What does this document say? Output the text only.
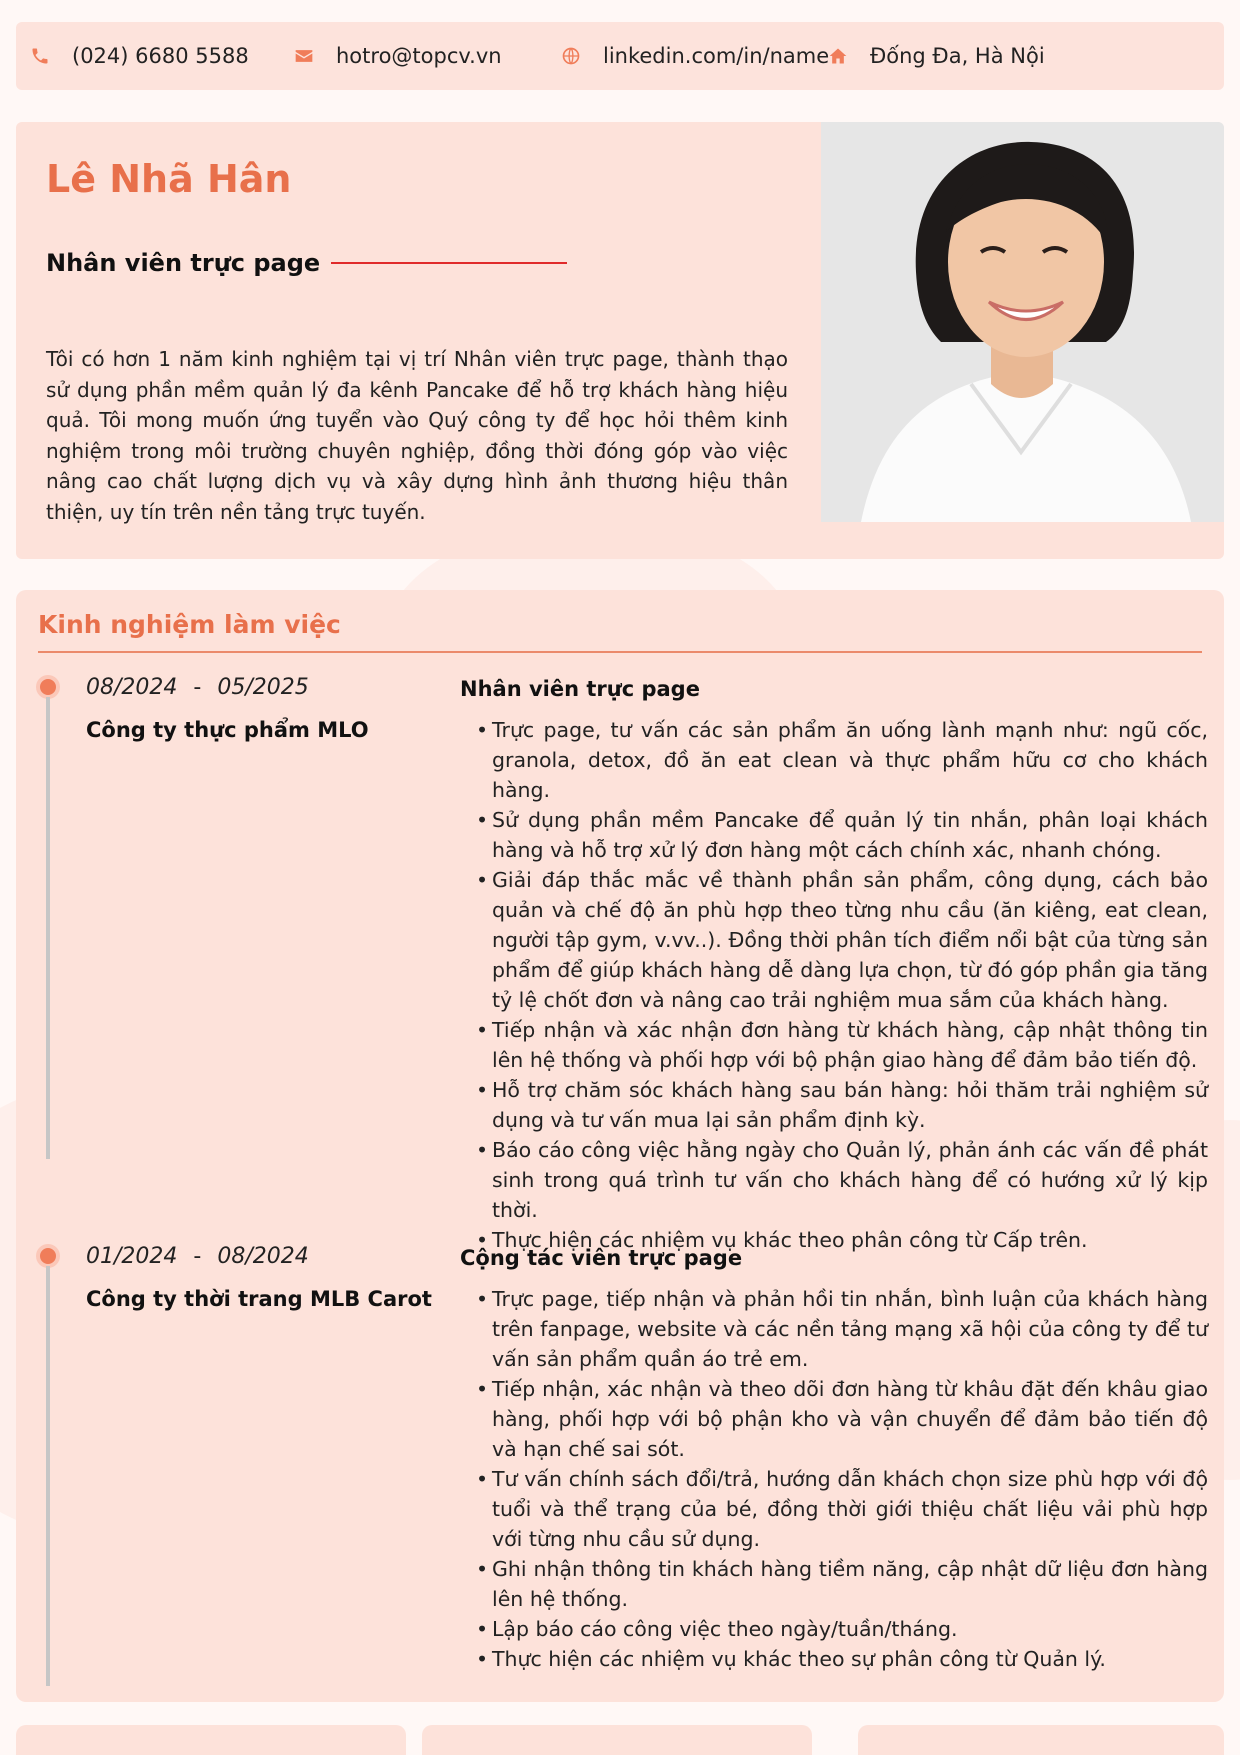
(024) 6680 5588	hotro@topcv.vn	linkedin.com/in/name Đống Đa, Hà Nội
Lê Nhã Hân
Nhân viên trực page

Tôi có hơn 1 năm kinh nghiệm tại vị trí Nhân viên trực page, thành thạo sử dụng phần mềm quản lý đa kênh Pancake để hỗ trợ khách hàng hiệu quả. Tôi mong muốn ứng tuyển vào Quý công ty để học hỏi thêm kinh nghiệm trong môi trường chuyên nghiệp, đồng thời đóng góp vào việc nâng cao chất lượng dịch vụ và xây dựng hình ảnh thương hiệu thân thiện, uy tín trên nền tảng trực tuyến.

Kinh nghiệm làm việc
08/2024 - 05/2025
Công ty thực phẩm MLO
Nhân viên trực page
• Trực page, tư vấn các sản phẩm ăn uống lành mạnh như: ngũ cốc, granola, detox, đồ ăn eat clean và thực phẩm hữu cơ cho khách hàng.
• Sử dụng phần mềm Pancake để quản lý tin nhắn, phân loại khách hàng và hỗ trợ xử lý đơn hàng một cách chính xác, nhanh chóng.
• Giải đáp thắc mắc về thành phần sản phẩm, công dụng, cách bảo quản và chế độ ăn phù hợp theo từng nhu cầu (ăn kiêng, eat clean, người tập gym, v.vv..). Đồng thời phân tích điểm nổi bật của từng sản phẩm để giúp khách hàng dễ dàng lựa chọn, từ đó góp phần gia tăng tỷ lệ chốt đơn và nâng cao trải nghiệm mua sắm của khách hàng.
• Tiếp nhận và xác nhận đơn hàng từ khách hàng, cập nhật thông tin lên hệ thống và phối hợp với bộ phận giao hàng để đảm bảo tiến độ.
• Hỗ trợ chăm sóc khách hàng sau bán hàng: hỏi thăm trải nghiệm sử dụng và tư vấn mua lại sản phẩm định kỳ.
• Báo cáo công việc hằng ngày cho Quản lý, phản ánh các vấn đề phát sinh trong quá trình tư vấn cho khách hàng để có hướng xử lý kịp thời.
• Thực hiện các nhiệm vụ khác theo phân công từ Cấp trên.
01/2024 - 08/2024
Công ty thời trang MLB Carot
Cộng tác viên trực page
• Trực page, tiếp nhận và phản hồi tin nhắn, bình luận của khách hàng trên fanpage, website và các nền tảng mạng xã hội của công ty để tư vấn sản phẩm quần áo trẻ em.
• Tiếp nhận, xác nhận và theo dõi đơn hàng từ khâu đặt đến khâu giao hàng, phối hợp với bộ phận kho và vận chuyển để đảm bảo tiến độ và hạn chế sai sót.
• Tư vấn chính sách đổi/trả, hướng dẫn khách chọn size phù hợp với độ tuổi và thể trạng của bé, đồng thời giới thiệu chất liệu vải phù hợp với từng nhu cầu sử dụng.
• Ghi nhận thông tin khách hàng tiềm năng, cập nhật dữ liệu đơn hàng lên hệ thống.
• Lập báo cáo công việc theo ngày/tuần/tháng.
• Thực hiện các nhiệm vụ khác theo sự phân công từ Quản lý.
